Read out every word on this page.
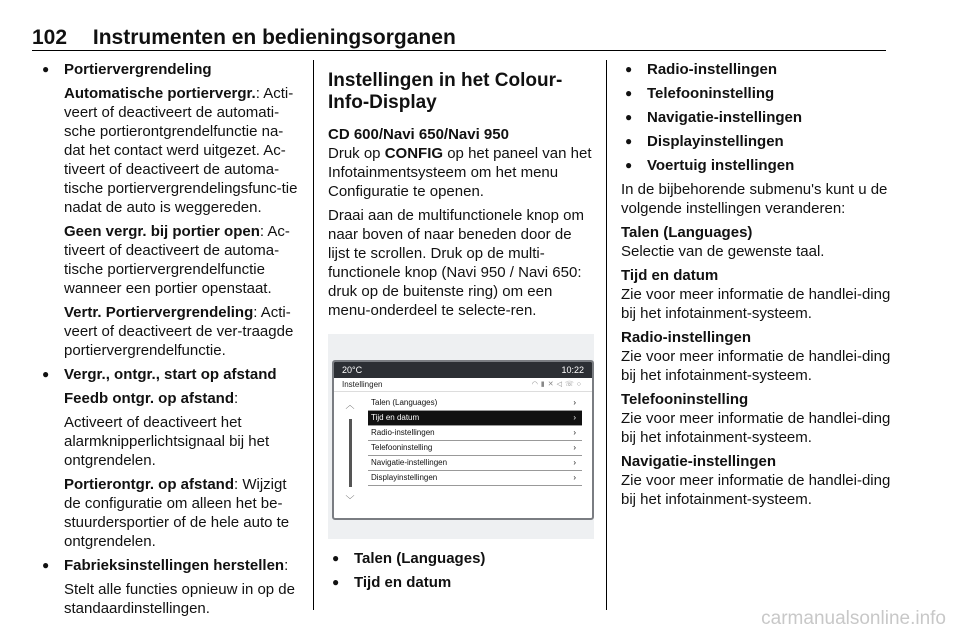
102 Instrumenten en bedieningsorganen

● Portiervergrendeling

Automatische portiervergr.: Acti-veert of deactiveert de automati-sche portierontgrendelfunctie na-dat het contact werd uitgezet. Ac-tiveert of deactiveert de automa-tische portiervergrendelingsfunc-tie nadat de auto is weggereden.

Geen vergr. bij portier open: Ac-tiveert of deactiveert de automa-tische portiervergrendelfunctie wanneer een portier openstaat.

Vertr. Portiervergrendeling: Acti-veert of deactiveert de ver-traagde portiervergrendelfunctie.

● Vergr., ontgr., start op afstand

Feedb ontgr. op afstand:

Activeert of deactiveert het alarmknipperlichtsignaal bij het ontgrendelen.

Portierontgr. op afstand: Wijzigt de configuratie om alleen het be-stuurdersportier of de hele auto te ontgrendelen.

● Fabrieksinstellingen herstellen:

Stelt alle functies opnieuw in op de standaardinstellingen.

Instellingen in het Colour-Info-Display

CD 600/Navi 650/Navi 950

Druk op CONFIG op het paneel van het Infotainmentsysteem om het menu Configuratie te openen.

Draai aan de multifunctionele knop om naar boven of naar beneden door de lijst te scrollen. Druk op de multi-functionele knop (Navi 950 / Navi 650: druk op de buitenste ring) om een menu-onderdeel te selecte-ren.

20°C	10:22
Instellingen	◠▮✕◁☏○
︿
﹀
Talen (Languages)	›
Tijd en datum	›
Radio-instellingen	›
Telefooninstelling	›
Navigatie-instellingen	›
Displayinstellingen	›

● Talen (Languages)

● Tijd en datum

● Radio-instellingen

● Telefooninstelling

● Navigatie-instellingen

● Displayinstellingen

● Voertuig instellingen

In de bijbehorende submenu's kunt u de volgende instellingen veranderen:

Talen (Languages)

Selectie van de gewenste taal.

Tijd en datum

Zie voor meer informatie de handlei-ding bij het infotainment-systeem.

Radio-instellingen

Zie voor meer informatie de handlei-ding bij het infotainment-systeem.

Telefooninstelling

Zie voor meer informatie de handlei-ding bij het infotainment-systeem.

Navigatie-instellingen

Zie voor meer informatie de handlei-ding bij het infotainment-systeem.

carmanualsonline.info
